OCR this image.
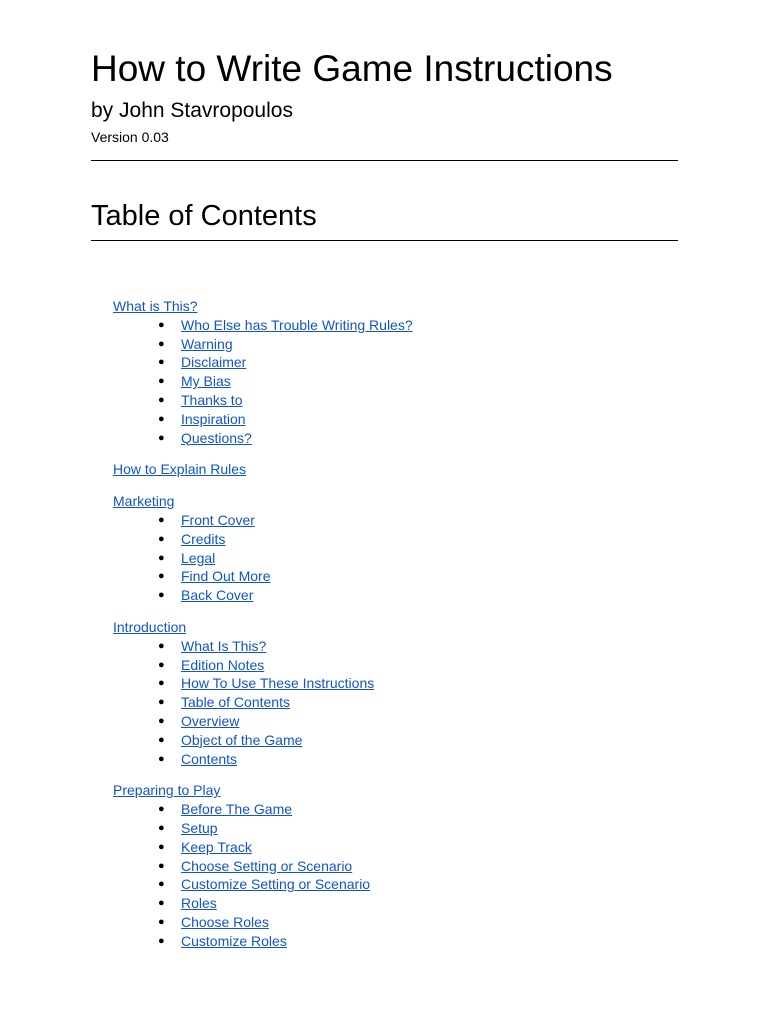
How to Write Game Instructions

by John Stavropoulos

Version 0.03

Table of Contents
What is This?
● Who Else has Trouble Writing Rules?
● Warning
● Disclaimer
● My Bias
● Thanks to
● Inspiration
● Questions?
How to Explain Rules
Marketing
● Front Cover
● Credits
● Legal
● Find Out More
● Back Cover
Introduction
● What Is This?
● Edition Notes
● How To Use These Instructions
● Table of Contents
● Overview
● Object of the Game
● Contents
Preparing to Play
● Before The Game
● Setup
● Keep Track
● Choose Setting or Scenario
● Customize Setting or Scenario
● Roles
● Choose Roles
● Customize Roles
